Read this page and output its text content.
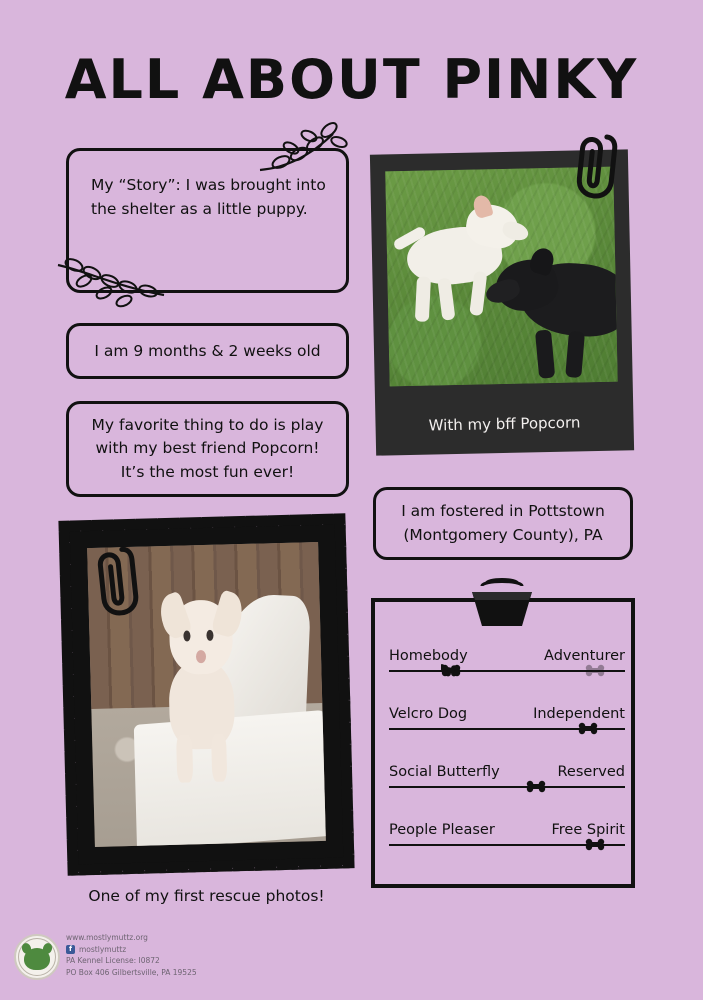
ALL ABOUT PINKY
My “Story”: I was brought into the shelter as a little puppy.
I am 9 months & 2 weeks old
My favorite thing to do is play with my best friend Popcorn! It’s the most fun ever!
I am fostered in Pottstown (Montgomery County), PA
With my bff Popcorn
One of my first rescue photos!
Homebody	Adventurer
Velcro Dog	Independent
Social Butterfly	Reserved
People Pleaser	Free Spirit
www.mostlymuttz.org
f mostlymuttz
PA Kennel License: I0872
PO Box 406 Gilbertsville, PA 19525
